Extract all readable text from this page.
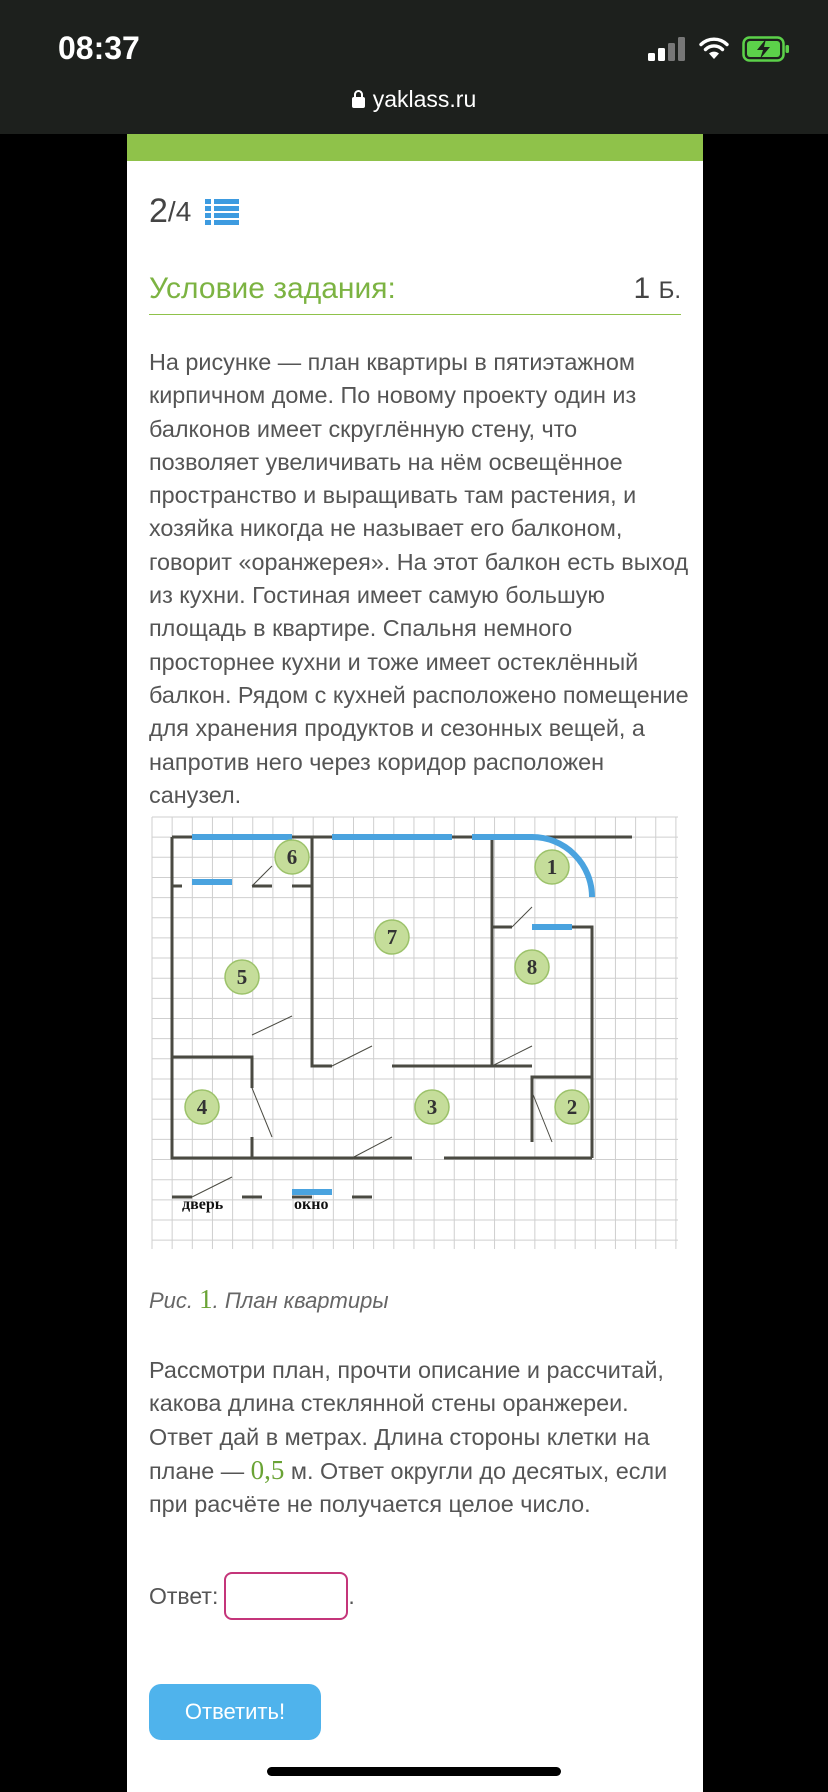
08:37
yaklass.ru
2 / 4
Условие задания:	1 Б.
На рисунке — план квартиры в пятиэтажном кирпичном доме. По новому проекту один из балконов имеет скруглённую стену, что позволяет увеличивать на нём освещённое пространство и выращивать там растения, и хозяйка никогда не называет его балконом, говорит «оранжерея». На этот балкон есть выход из кухни. Гостиная имеет самую большую площадь в квартире. Спальня немного просторнее кухни и тоже имеет остеклённый балкон. Рядом с кухней расположено помещение для хранения продуктов и сезонных вещей, а напротив него через коридор расположен санузел.
1
2
3
4
5
6
7
8
дверь	окно
Рис. 1. План квартиры
Рассмотри план, прочти описание и рассчитай, какова длина стеклянной стены оранжереи. Ответ дай в метрах. Длина стороны клетки на плане — 0,5 м. Ответ округли до десятых, если при расчёте не получается целое число.
Ответ:	.
Ответить!
